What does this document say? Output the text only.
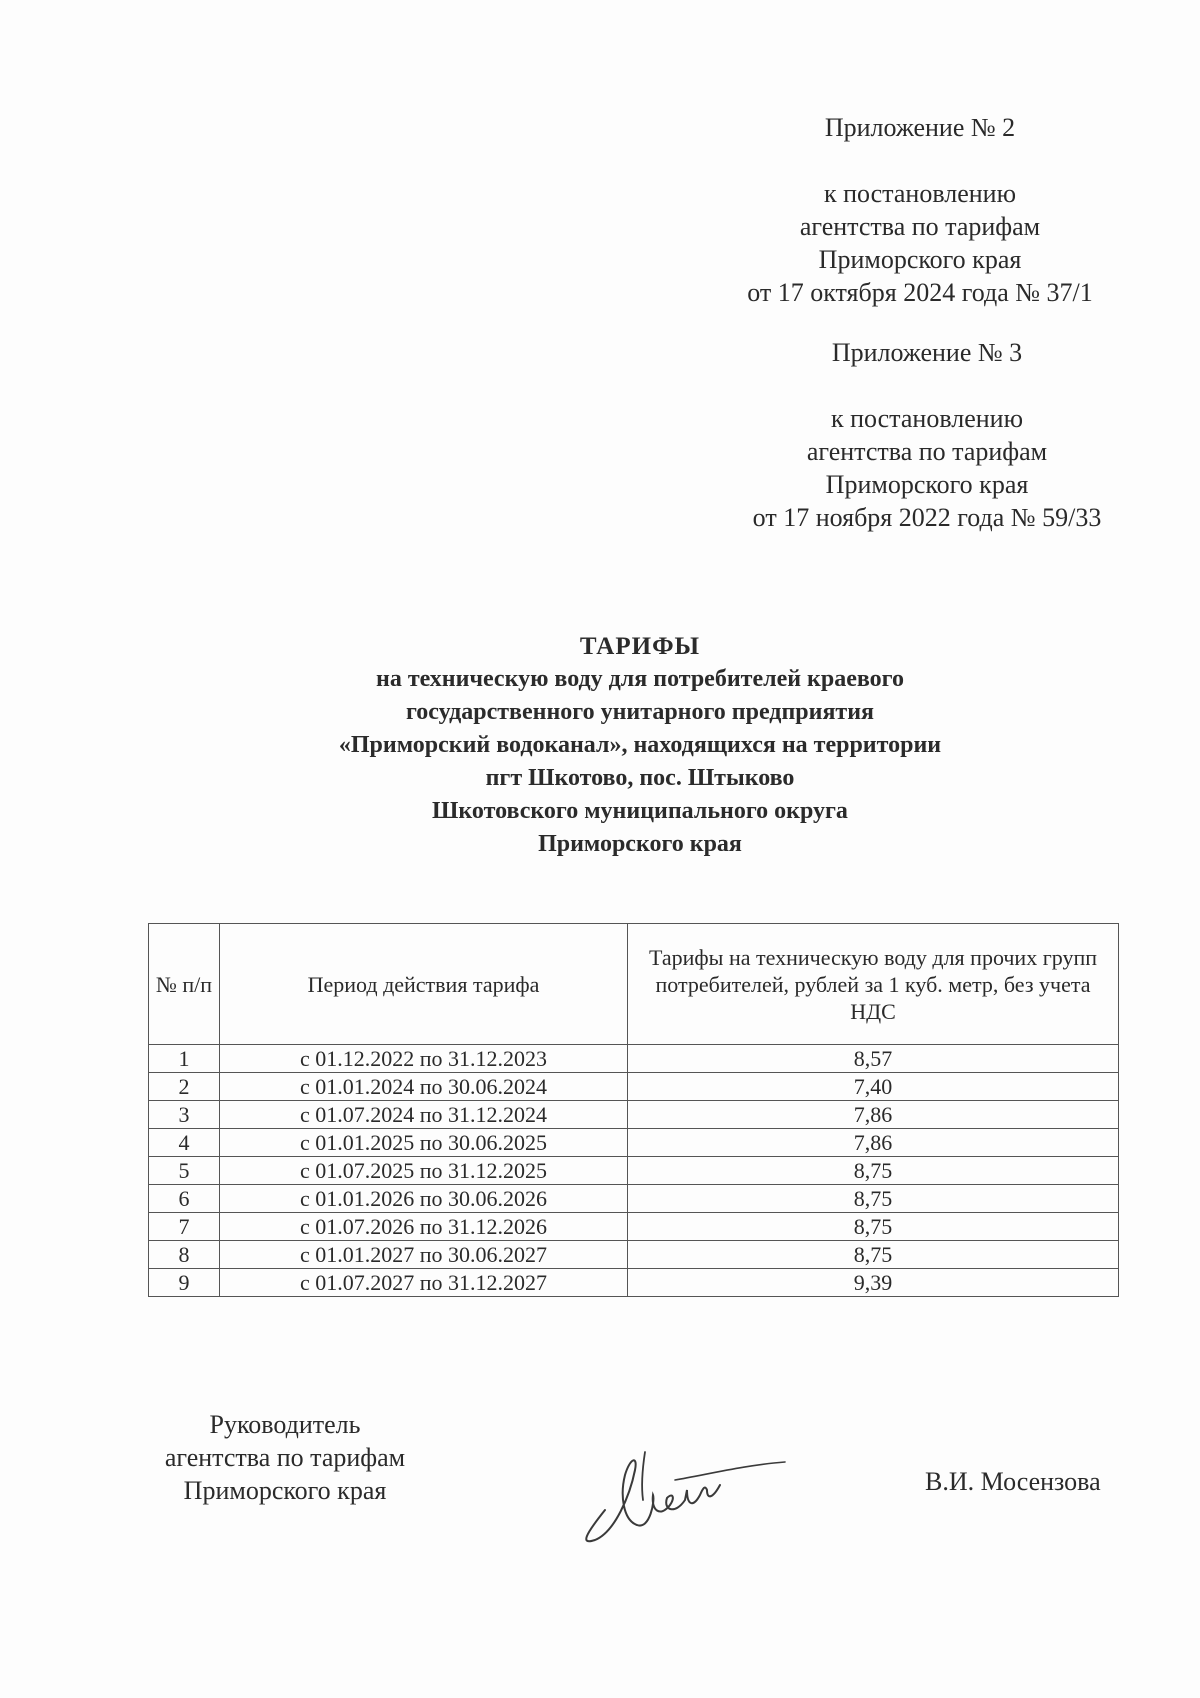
Приложение № 2
к постановлению
агентства по тарифам
Приморского края
от 17 октября 2024 года № 37/1
Приложение № 3
к постановлению
агентства по тарифам
Приморского края
от 17 ноября 2022 года № 59/33
ТАРИФЫ
на техническую воду для потребителей краевого
государственного унитарного предприятия
«Приморский водоканал», находящихся на территории
пгт Шкотово, пос. Штыково
Шкотовского муниципального округа
Приморского края
№ п/п	Период действия тарифа	Тарифы на техническую воду для прочих групп потребителей, рублей за 1 куб. метр, без учета НДС
1	с 01.12.2022 по 31.12.2023	8,57
2	с 01.01.2024 по 30.06.2024	7,40
3	с 01.07.2024 по 31.12.2024	7,86
4	с 01.01.2025 по 30.06.2025	7,86
5	с 01.07.2025 по 31.12.2025	8,75
6	с 01.01.2026 по 30.06.2026	8,75
7	с 01.07.2026 по 31.12.2026	8,75
8	с 01.01.2027 по 30.06.2027	8,75
9	с 01.07.2027 по 31.12.2027	9,39
Руководитель
агентства по тарифам
Приморского края	В.И. Мосензова
